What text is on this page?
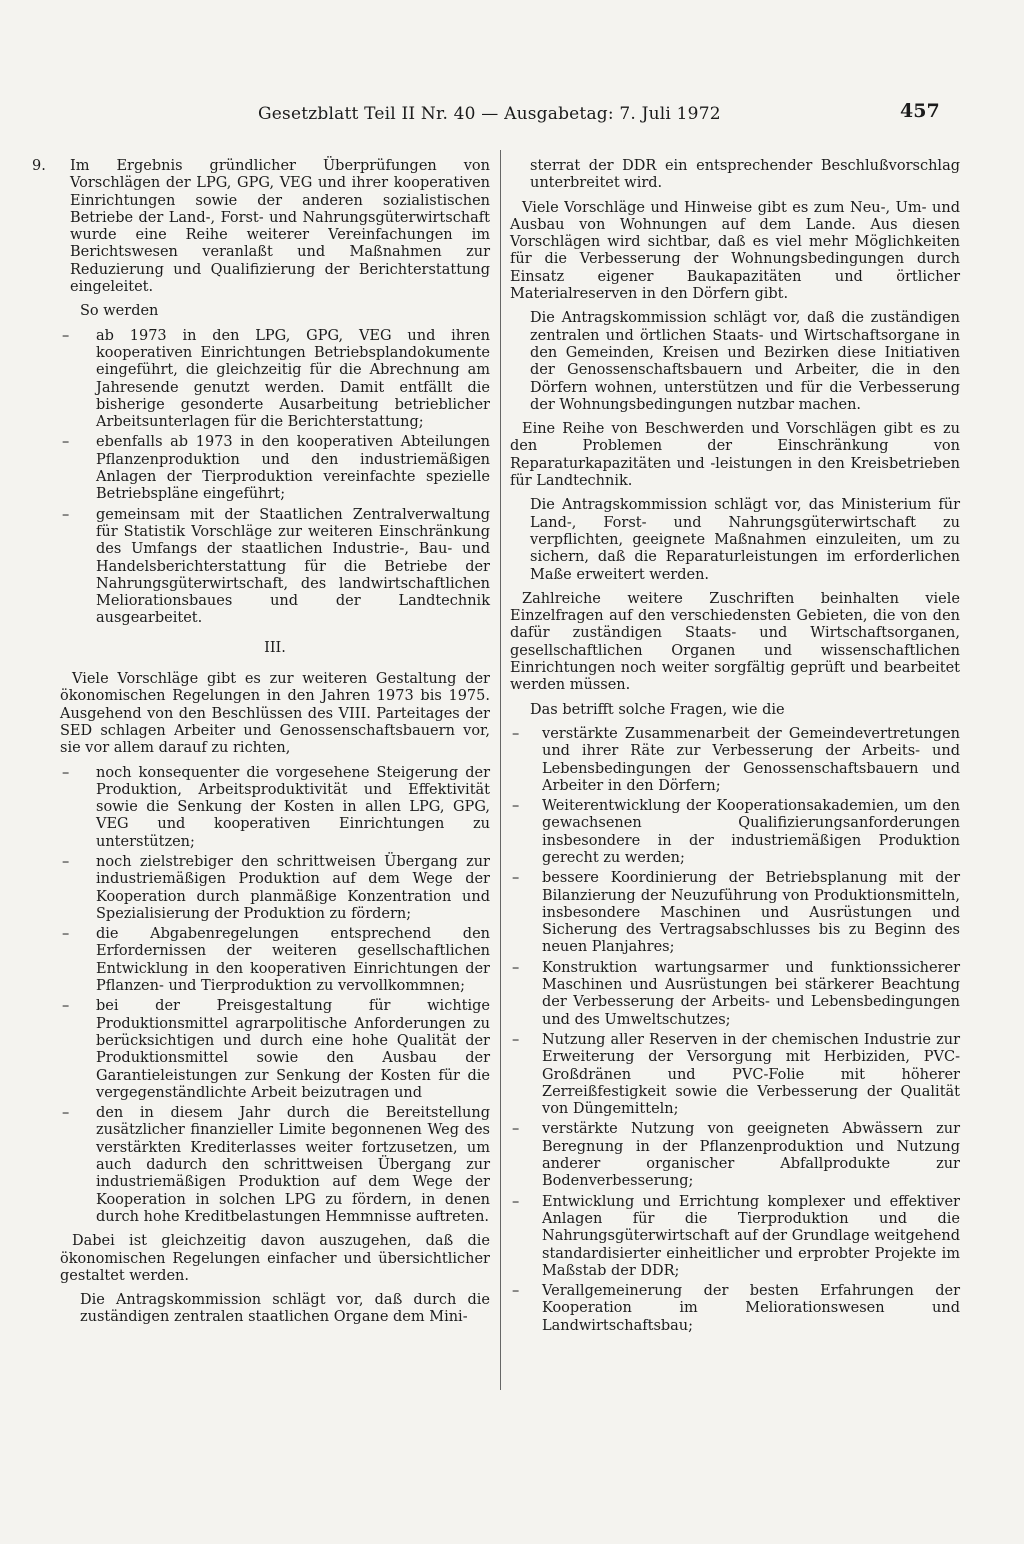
Gesetzblatt Teil II Nr. 40 — Ausgabetag: 7. Juli 1972	457

9. Im Ergebnis gründlicher Überprüfungen von Vorschlägen der LPG, GPG, VEG und ihrer kooperativen Einrichtungen sowie der anderen sozialistischen Betriebe der Land-, Forst- und Nahrungsgüterwirtschaft wurde eine Reihe weiterer Vereinfachungen im Berichtswesen veranlaßt und Maßnahmen zur Reduzierung und Qualifizierung der Berichterstattung eingeleitet.

So werden

– ab 1973 in den LPG, GPG, VEG und ihren kooperativen Einrichtungen Betriebsplandokumente eingeführt, die gleichzeitig für die Abrechnung am Jahresende genutzt werden. Damit entfällt die bisherige gesonderte Ausarbeitung betrieblicher Arbeitsunterlagen für die Berichterstattung;
– ebenfalls ab 1973 in den kooperativen Abteilungen Pflanzenproduktion und den industriemäßigen Anlagen der Tierproduktion vereinfachte spezielle Betriebspläne eingeführt;
– gemeinsam mit der Staatlichen Zentralverwaltung für Statistik Vorschläge zur weiteren Einschränkung des Umfangs der staatlichen Industrie-, Bau- und Handelsberichterstattung für die Betriebe der Nahrungsgüterwirtschaft, des landwirtschaftlichen Meliorationsbaues und der Landtechnik ausgearbeitet.

III.

Viele Vorschläge gibt es zur weiteren Gestaltung der ökonomischen Regelungen in den Jahren 1973 bis 1975. Ausgehend von den Beschlüssen des VIII. Parteitages der SED schlagen Arbeiter und Genossenschaftsbauern vor, sie vor allem darauf zu richten,

– noch konsequenter die vorgesehene Steigerung der Produktion, Arbeitsproduktivität und Effektivität sowie die Senkung der Kosten in allen LPG, GPG, VEG und kooperativen Einrichtungen zu unterstützen;
– noch zielstrebiger den schrittweisen Übergang zur industriemäßigen Produktion auf dem Wege der Kooperation durch planmäßige Konzentration und Spezialisierung der Produktion zu fördern;
– die Abgabenregelungen entsprechend den Erfordernissen der weiteren gesellschaftlichen Entwicklung in den kooperativen Einrichtungen der Pflanzen- und Tierproduktion zu vervollkommnen;
– bei der Preisgestaltung für wichtige Produktionsmittel agrarpolitische Anforderungen zu berücksichtigen und durch eine hohe Qualität der Produktionsmittel sowie den Ausbau der Garantieleistungen zur Senkung der Kosten für die vergegenständlichte Arbeit beizutragen und
– den in diesem Jahr durch die Bereitstellung zusätzlicher finanzieller Limite begonnenen Weg des verstärkten Krediterlasses weiter fortzusetzen, um auch dadurch den schrittweisen Übergang zur industriemäßigen Produktion auf dem Wege der Kooperation in solchen LPG zu fördern, in denen durch hohe Kreditbelastungen Hemmnisse auftreten.

Dabei ist gleichzeitig davon auszugehen, daß die ökonomischen Regelungen einfacher und übersichtlicher gestaltet werden.

Die Antragskommission schlägt vor, daß durch die zuständigen zentralen staatlichen Organe dem Mini-

sterrat der DDR ein entsprechender Beschlußvorschlag unterbreitet wird.

Viele Vorschläge und Hinweise gibt es zum Neu-, Um- und Ausbau von Wohnungen auf dem Lande. Aus diesen Vorschlägen wird sichtbar, daß es viel mehr Möglichkeiten für die Verbesserung der Wohnungsbedingungen durch Einsatz eigener Baukapazitäten und örtlicher Materialreserven in den Dörfern gibt.

Die Antragskommission schlägt vor, daß die zuständigen zentralen und örtlichen Staats- und Wirtschaftsorgane in den Gemeinden, Kreisen und Bezirken diese Initiativen der Genossenschaftsbauern und Arbeiter, die in den Dörfern wohnen, unterstützen und für die Verbesserung der Wohnungsbedingungen nutzbar machen.

Eine Reihe von Beschwerden und Vorschlägen gibt es zu den Problemen der Einschränkung von Reparaturkapazitäten und -leistungen in den Kreisbetrieben für Landtechnik.

Die Antragskommission schlägt vor, das Ministerium für Land-, Forst- und Nahrungsgüterwirtschaft zu verpflichten, geeignete Maßnahmen einzuleiten, um zu sichern, daß die Reparaturleistungen im erforderlichen Maße erweitert werden.

Zahlreiche weitere Zuschriften beinhalten viele Einzelfragen auf den verschiedensten Gebieten, die von den dafür zuständigen Staats- und Wirtschaftsorganen, gesellschaftlichen Organen und wissenschaftlichen Einrichtungen noch weiter sorgfältig geprüft und bearbeitet werden müssen.

Das betrifft solche Fragen, wie die

– verstärkte Zusammenarbeit der Gemeindevertretungen und ihrer Räte zur Verbesserung der Arbeits- und Lebensbedingungen der Genossenschaftsbauern und Arbeiter in den Dörfern;
– Weiterentwicklung der Kooperationsakademien, um den gewachsenen Qualifizierungsanforderungen insbesondere in der industriemäßigen Produktion gerecht zu werden;
– bessere Koordinierung der Betriebsplanung mit der Bilanzierung der Neuzuführung von Produktionsmitteln, insbesondere Maschinen und Ausrüstungen und Sicherung des Vertragsabschlusses bis zu Beginn des neuen Planjahres;
– Konstruktion wartungsarmer und funktionssicherer Maschinen und Ausrüstungen bei stärkerer Beachtung der Verbesserung der Arbeits- und Lebensbedingungen und des Umweltschutzes;
– Nutzung aller Reserven in der chemischen Industrie zur Erweiterung der Versorgung mit Herbiziden, PVC-Großdränen und PVC-Folie mit höherer Zerreißfestigkeit sowie die Verbesserung der Qualität von Düngemitteln;
– verstärkte Nutzung von geeigneten Abwässern zur Beregnung in der Pflanzenproduktion und Nutzung anderer organischer Abfallprodukte zur Bodenverbesserung;
– Entwicklung und Errichtung komplexer und effektiver Anlagen für die Tierproduktion und die Nahrungsgüterwirtschaft auf der Grundlage weitgehend standardisierter einheitlicher und erprobter Projekte im Maßstab der DDR;
– Verallgemeinerung der besten Erfahrungen der Kooperation im Meliorationswesen und Landwirtschaftsbau;
